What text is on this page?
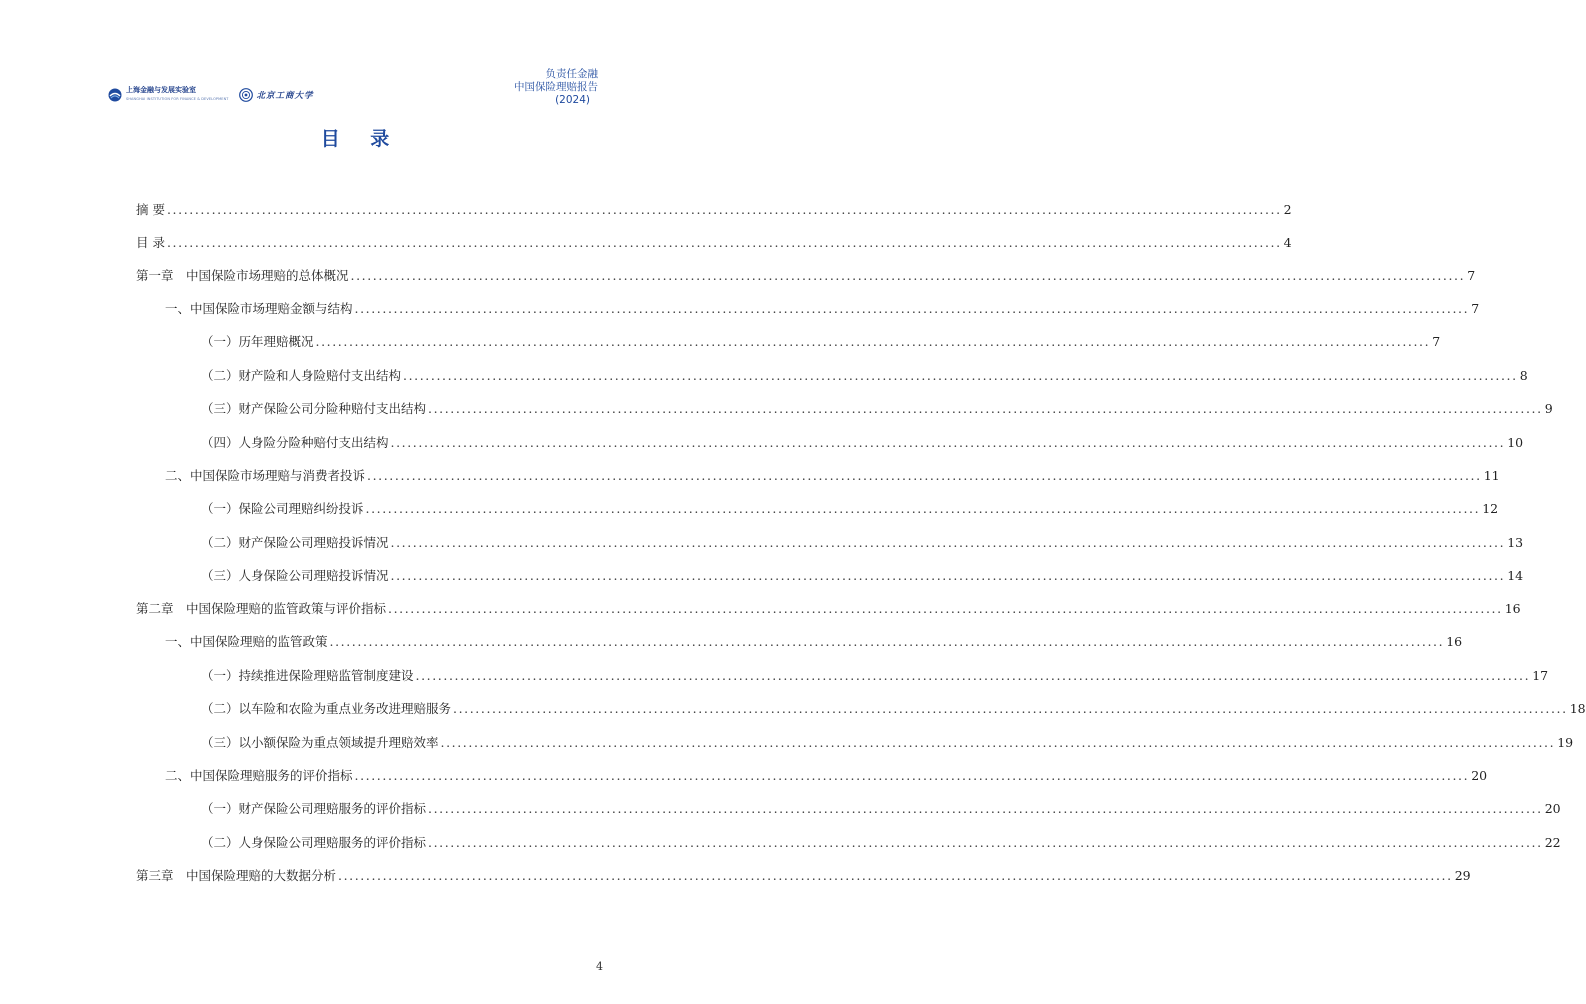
上海金融与发展实验室
SHANGHAI INSTITUTION FOR FINANCE & DEVELOPMENT	北京工商大学
负责任金融
中国保险理赔报告
(2024)
目 录
摘 要 ........................................................................................................................................................................................................ 2
目 录 ........................................................................................................................................................................................................ 4
第一章　中国保险市场理赔的总体概况 ........................................................................................................................................................................................................ 7
一、中国保险市场理赔金额与结构 ........................................................................................................................................................................................................ 7
（一）历年理赔概况 ........................................................................................................................................................................................................ 7
（二）财产险和人身险赔付支出结构 ........................................................................................................................................................................................................ 8
（三）财产保险公司分险种赔付支出结构 ........................................................................................................................................................................................................ 9
（四）人身险分险种赔付支出结构 ........................................................................................................................................................................................................ 10
二、中国保险市场理赔与消费者投诉 ........................................................................................................................................................................................................ 11
（一）保险公司理赔纠纷投诉 ........................................................................................................................................................................................................ 12
（二）财产保险公司理赔投诉情况 ........................................................................................................................................................................................................ 13
（三）人身保险公司理赔投诉情况 ........................................................................................................................................................................................................ 14
第二章　中国保险理赔的监管政策与评价指标 ........................................................................................................................................................................................................ 16
一、中国保险理赔的监管政策 ........................................................................................................................................................................................................ 16
（一）持续推进保险理赔监管制度建设 ........................................................................................................................................................................................................ 17
（二）以车险和农险为重点业务改进理赔服务 ........................................................................................................................................................................................................ 18
（三）以小额保险为重点领域提升理赔效率 ........................................................................................................................................................................................................ 19
二、中国保险理赔服务的评价指标 ........................................................................................................................................................................................................ 20
（一）财产保险公司理赔服务的评价指标 ........................................................................................................................................................................................................ 20
（二）人身保险公司理赔服务的评价指标 ........................................................................................................................................................................................................ 22
第三章　中国保险理赔的大数据分析 ........................................................................................................................................................................................................ 29
4
